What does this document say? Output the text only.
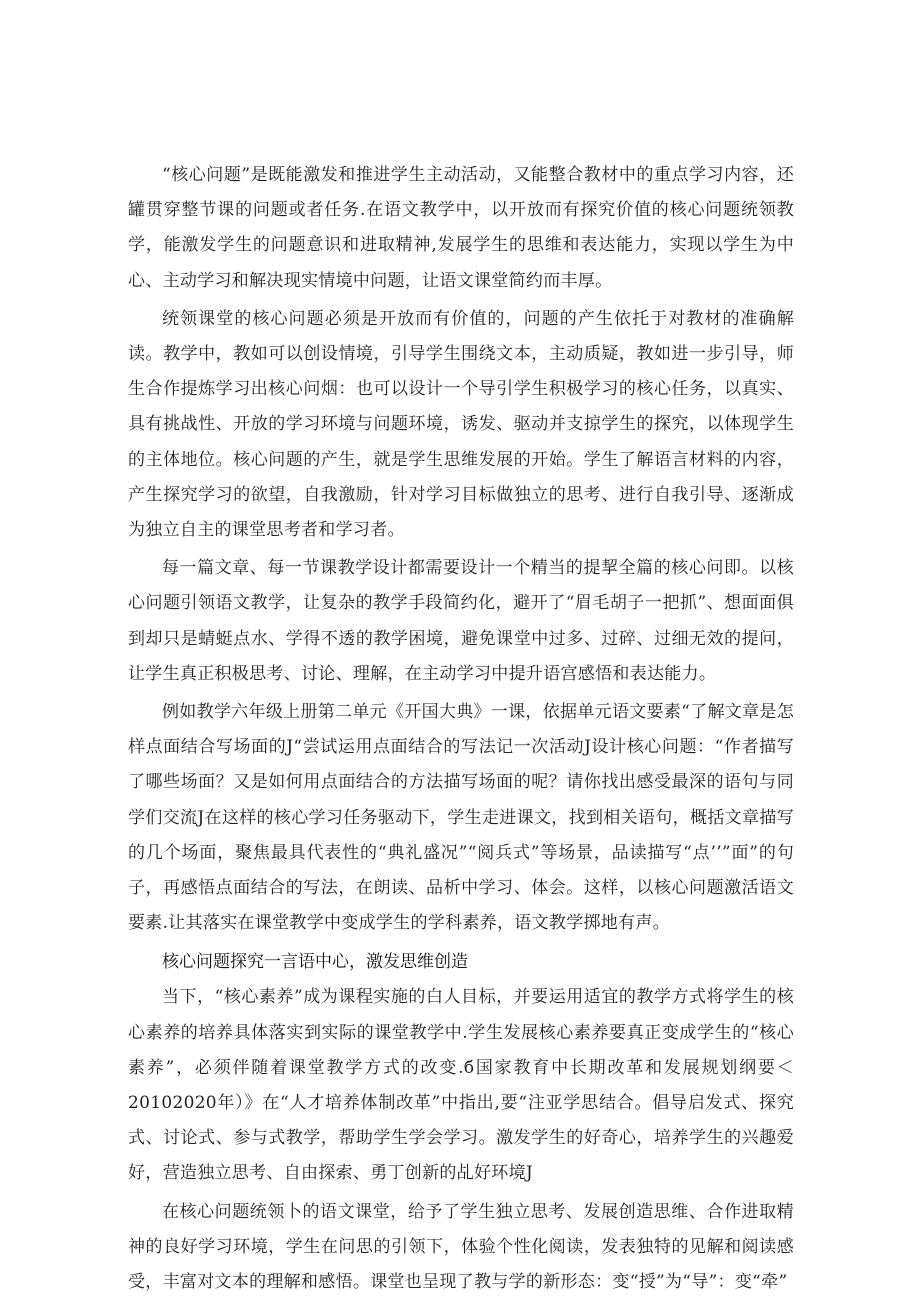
“核心问题”是既能激发和推进学生主动活动，又能整合教材中的重点学习内容，还罐贯穿整节课的问题或者任务.在语文教学中，以开放而有探究价值的核心问题统领教学，能激发学生的问题意识和进取精神,发展学生的思维和表达能力，实现以学生为中心、主动学习和解决现实情境中问题，让语文课堂简约而丰厚。

统领课堂的核心问题必须是开放而有价值的，问题的产生依托于对教材的准确解读。教学中，教如可以创设情境，引导学生围绕文本，主动质疑，教如进一步引导，师生合作提炼学习出核心问烟：也可以设计一个导引学生积极学习的核心任务，以真实、具有挑战性、开放的学习环境与问题环境，诱发、驱动并支掠学生的探究，以体现学生的主体地位。核心问题的产生，就是学生思维发展的开始。学生了解语言材料的内容，产生探究学习的欲望，自我激励，针对学习目标做独立的思考、进行自我引导、逐渐成为独立自主的课堂思考者和学习者。

每一篇文章、每一节课教学设计都需要设计一个精当的提挈全篇的核心问即。以核心问题引领语文教学，让复杂的教学手段简约化，避开了“眉毛胡子一把抓”、想面面俱到却只是蜻蜓点水、学得不透的教学困境，避免课堂中过多、过碎、过细无效的提问，让学生真正积极思考、讨论、理解，在主动学习中提升语宫感悟和表达能力。

例如教学六年级上册第二单元《开国大典》一课，依据单元语文要素“了解文章是怎样点面结合写场面的J“尝试运用点面结合的写法记一次活动J设计核心问题：“作者描写了哪些场面？又是如何用点面结合的方法描写场面的呢？请你找出感受最深的语句与同学们交流J在这样的核心学习任务驱动下，学生走进课文，找到相关语句，概括文章描写的几个场面，聚焦最具代表性的“典礼盛况”“阅兵式”等场景，品读描写“点’’”面”的句子，再感悟点面结合的写法，在朗读、品析中学习、体会。这样，以核心问题激活语文要素.让其落实在课堂教学中变成学生的学科素养，语文教学掷地有声。

核心问题探究一言语中心，激发思维创造

当下，“核心素养”成为课程实施的白人目标，并要运用适宜的教学方式将学生的核心素养的培养具体落实到实际的课堂教学中.学生发展核心素养要真正变成学生的“核心素养”，必须伴随着课堂教学方式的改变.б国家教育中长期改革和发展规划纲要＜20102020年）》在“人才培养体制改革”中指出,要“注亚学思结合。倡导启发式、探究式、讨论式、参与式教学，帮助学生学会学习。激发学生的好奇心，培养学生的兴趣爱好，营造独立思考、自由探索、勇丁创新的乩好环境J

在核心问题统领卜的语文课堂，给予了学生独立思考、发展创造思维、合作进取精神的良好学习环境，学生在问思的引领下，体验个性化阅读，发表独特的见解和阅读感受，丰富对文本的理解和感悟。课堂也呈现了教与学的新形态：变“授”为“导”：变“牵”
